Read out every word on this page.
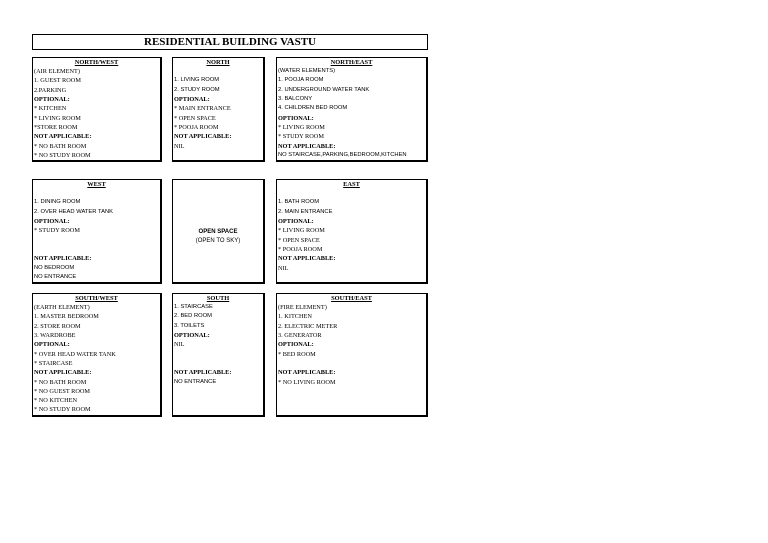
RESIDENTIAL BUILDING VASTU
NORTH/WEST
(AIR ELEMENT)
1. GUEST ROOM
2.PARKING
OPTIONAL:
* KITCHEN
* LIVING ROOM
*STORE ROOM
NOT APPLICABLE:
* NO BATH ROOM
* NO STUDY ROOM
NORTH
1. LIVING ROOM
2. STUDY ROOM
OPTIONAL:
* MAIN ENTRANCE
* OPEN SPACE
* POOJA ROOM
NOT APPLICABLE:
NIL
NORTH/EAST
(WATER ELEMENTS)
1. POOJA ROOM
2. UNDERGROUND WATER TANK
3. BALCONY
4. CHILDREN BED ROOM
OPTIONAL:
* LIVING ROOM
* STUDY ROOM
NOT APPLICABLE:
NO STAIRCASE,PARKING,BEDROOM,KITCHEN
WEST
1. DINING ROOM
2. OVER HEAD WATER TANK
OPTIONAL:
* STUDY ROOM
NOT APPLICABLE:
NO BEDROOM
NO ENTRANCE
OPEN SPACE
(OPEN TO SKY)
EAST
1. BATH ROOM
2. MAIN ENTRANCE
OPTIONAL:
* LIVING ROOM
* OPEN SPACE
* POOJA ROOM
NOT APPLICABLE:
NIL
SOUTH/WEST
(EARTH ELEMENT)
1. MASTER BEDROOM
2. STORE ROOM
3. WARDROBE
OPTIONAL:
* OVER HEAD WATER TANK
* STAIRCASE
NOT APPLICABLE:
* NO BATH ROOM
* NO GUEST ROOM
* NO KITCHEN
* NO STUDY ROOM
SOUTH
1. STAIRCASE
2. BED ROOM
3. TOILETS
OPTIONAL:
NIL
NOT APPLICABLE:
NO ENTRANCE
SOUTH/EAST
(FIRE ELEMENT)
1. KITCHEN
2. ELECTRIC METER
3. GENERATOR
OPTIONAL:
* BED ROOM
NOT APPLICABLE:
* NO LIVING ROOM
